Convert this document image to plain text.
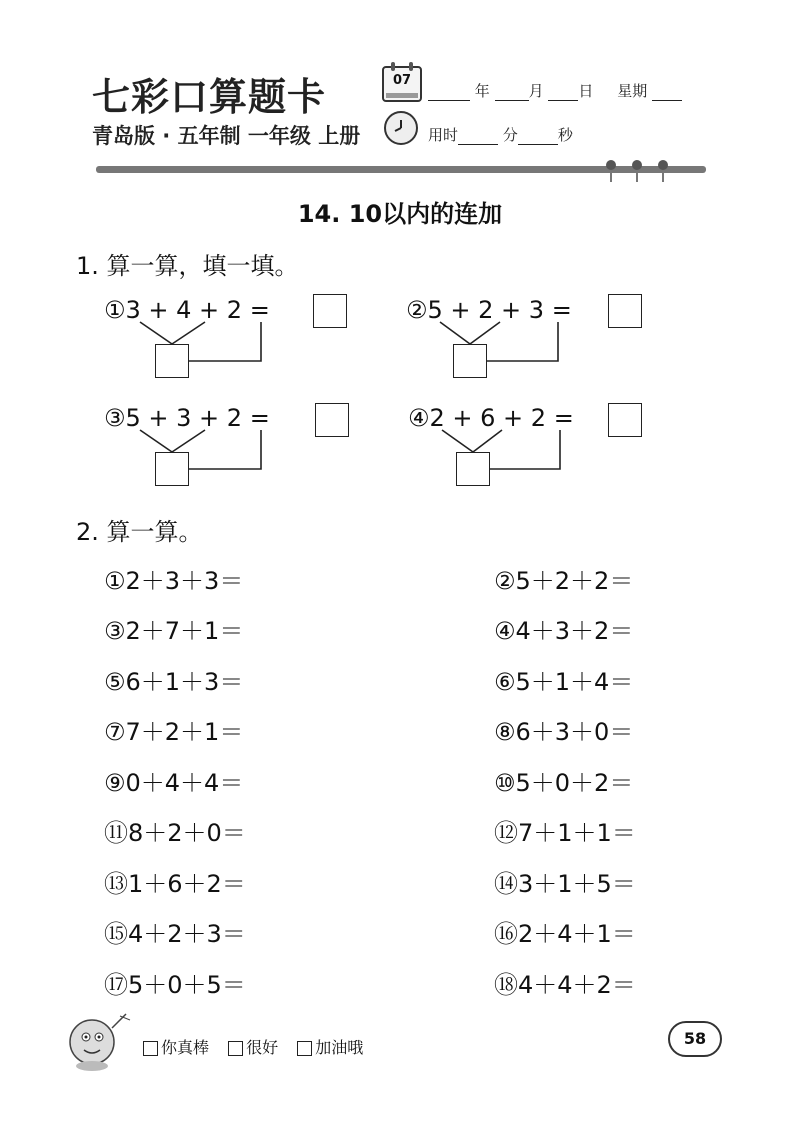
七彩口算题卡
青岛版 · 五年制 一年级 上册
07
年	月 日 星期
用时	分	秒
14. 10以内的连加
1. 算一算，填一填。
①3 + 4 + 2 =	②5 + 2 + 3 =
③5 + 3 + 2 =	④2 + 6 + 2 =
2. 算一算。
①2＋3＋3＝	②5＋2＋2＝
③2＋7＋1＝	④4＋3＋2＝
⑤6＋1＋3＝	⑥5＋1＋4＝
⑦7＋2＋1＝	⑧6＋3＋0＝
⑨0＋4＋4＝	⑩5＋0＋2＝
⑪8＋2＋0＝	⑫7＋1＋1＝
⑬1＋6＋2＝	⑭3＋1＋5＝
⑮4＋2＋3＝	⑯2＋4＋1＝
⑰5＋0＋5＝	⑱4＋4＋2＝
你真棒 很好 加油哦	58
